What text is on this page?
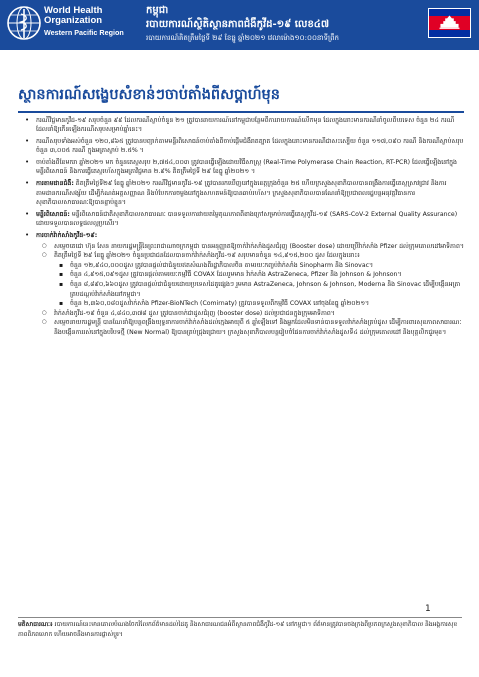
World Health
Organization
Western Pacific Region
កម្ពុជា
របាយការណ៍ស្ថិតិស្ថានភាពជំងឺកូវីដ-១៩ លេខ៤៧
របាយការណ៍គិតត្រឹមថ្ងៃទី ២៩ ខែធ្នូ ឆ្នាំ២០២១ វេលាម៉ោង១០:០០នាទីព្រឹក
ស្ថានការណ៍សង្ខេបសំខាន់ៗចាប់តាំងពីសប្ដាហ៍មុន
• ករណីវិជ្ជមានកូវីដ-១៩ សរុបចំនួន ៩៩ ដែលករណីស្លាប់ចំនួន ២១ ត្រូវបានរាយការណ៍នៅកម្ពុជាបន្ថែមពីការរាយការណ៍លើកមុន ដែលក្នុងនោះមានករណីនាំចូលពីបរទេស ចំនួន ២៤ ករណី ដែលនាំឱ្យកើនឡើងករណីសរុបសម្រាប់ឆ្នាំនេះ។
• ករណីសរុបទាំងអស់ចំនួន ១២០,៨៦៥ ត្រូវបានបញ្ជាក់តាមមន្ទីរពិសោធន៍ចាប់តាំងពីចាប់ផ្តើមជំងឺរាតត្បាត ដែលក្នុងនោះមានករណីជាសះស្បើយ ចំនួន ១១៧,០៩០ ករណី និងករណីស្លាប់សរុបចំនួន ៣,០០៥ ករណី ក្នុងអត្រាស្លាប់ ២.៥% ។
• ចាប់តាំងពីខែមករា ឆ្នាំ២០២១ មក ចំនួនតេស្តសរុប ២,៧៥៤,០០៣ ត្រូវបានធ្វើឡើងដោយវិធីសាស្ត្រ (Real-Time Polymerase Chain Reaction, RT-PCR) ដែលធ្វើឡើងនៅក្នុងមន្ទីរពិសោធន៍ និងការធ្វើតេស្តរហ័សក្នុងអត្រាវិជ្ជមាន ២.៩% គិតត្រឹមថ្ងៃទី ២៩ ខែធ្នូ ឆ្នាំ២០២១ ។
• ការតាមដានជំងឺ: គិតត្រឹមថ្ងៃទី២៩ ខែធ្នូ ឆ្នាំ២០២១ ករណីវិជ្ជមានកូវីដ-១៩ ត្រូវបានរកឃើញនៅក្នុងខេត្តក្រុងចំនួន ២៥ ហើយក្រសួងសុខាភិបាលបានពង្រឹងការធ្វើតេស្តស្រាវជ្រាវ និងការតាមដានករណីសង្ស័យ ដើម្បីកំណត់អត្តសញ្ញាណ និងបំបែកការចម្លងនៅក្នុងសហគមន៍ឱ្យបានឆាប់រហ័ស។ ក្រសួងសុខាភិបាលបានណែនាំឱ្យប្រជាពលរដ្ឋបន្តអនុវត្តវិធានការសុខាភិបាលសាធារណៈឱ្យបានខ្ជាប់ខ្ជួន។
• មន្ទីរពិសោធន៍: មន្ទីរពិសោធន៍ជាតិសុខាភិបាលសាធារណៈ បានទទួលការវាយតម្លៃគុណភាពពីខាងក្រៅសម្រាប់ការធ្វើតេស្តកូវីដ-១៩ (SARS-CoV-2 External Quality Assurance) ដោយទទួលបានលទ្ធផលល្អប្រសើរ។
• ការចាក់វ៉ាក់សាំងកូវីដ-១៩:
○ សម្តេចតេជោ ហ៊ុន សែន នាយករដ្ឋមន្ត្រីនៃព្រះរាជាណាចក្រកម្ពុជា បានអនុញ្ញាតឱ្យចាក់វ៉ាក់សាំងដូសជំរុញ (Booster dose) ដោយប្រើវ៉ាក់សាំង Pfizer ដល់ក្រុមគោលដៅអាទិភាព។
○ គិតត្រឹមថ្ងៃទី ២៩ ខែធ្នូ ឆ្នាំ២០២១ ចំនួនប្រជាជនដែលបានចាក់វ៉ាក់សាំងកូវីដ-១៩ សរុបមានចំនួន ១៤,៩១៥,២០០ ដូស ដែលក្នុងនោះ៖
▪ ចំនួន ១២,៩៤០,០០០ដូស ត្រូវបានផ្តល់ជាជំនួយឥតសំណងពីរដ្ឋាភិបាលចិន តាមរយៈកញ្ចប់វ៉ាក់សាំង Sinopharm និង Sinovac។
▪ ចំនួន ៤,៩១៥,០៩១ដូស ត្រូវបានផ្តល់តាមរយៈកម្មវិធី COVAX ដែលរួមមាន វ៉ាក់សាំង AstraZeneca, Pfizer និង Johnson & Johnson។
▪ ចំនួន ៨,៨៩០,៦៦០ដូស ត្រូវបានផ្តល់ជាជំនួយដោយប្រទេសដៃគូផ្សេងៗ រួមមាន AstraZeneca, Johnson & Johnson, Moderna និង Sinovac ដើម្បីបង្កើនអត្រាគ្របដណ្តប់វ៉ាក់សាំងនៅកម្ពុជា។
▪ ចំនួន ២,៣៦០,០៨០ដូសវ៉ាក់សាំង Pfizer-BioNTech (Comirnaty) ត្រូវបានទទួលពីកម្មវិធី COVAX នៅចុងខែធ្នូ ឆ្នាំ២០២១។
○ វ៉ាក់សាំងកូវីដ-១៩ ចំនួន ៤,៨៤០,៣៧៨ ដូស ត្រូវបានចាក់ជាដូសជំរុញ (booster dose) ដល់ប្រជាជនក្នុងក្រុមអាទិភាព។
○ សម្តេចនាយករដ្ឋមន្ត្រី បានណែនាំឱ្យបន្តពង្រឹងយុទ្ធនាការចាក់វ៉ាក់សាំងដល់ក្មេងអាយុពី ៥ ឆ្នាំឡើងទៅ និងអ្នកដែលមិនទាន់បានទទួលវ៉ាក់សាំងគ្រប់ដូស ដើម្បីការពារសុខភាពសាធារណៈ និងបង្កើនការរស់នៅក្នុងបរិបទថ្មី (New Normal) ឱ្យបានគ្រប់ជ្រុងជ្រោយ។ ក្រសួងសុខាភិបាលបន្តរៀបចំផែនការចាក់វ៉ាក់សាំងដូសទី៤ ដល់ក្រុមគោលដៅ និងបុគ្គលិកជួរមុខ។
1
មតិសាធារណៈ៖ របាយការណ៍នេះមានគោលបំណងចែករំលែកព័ត៌មានដល់ដៃគូ និងសាធារណជនអំពីស្ថានភាពជំងឺកូវីដ-១៩ នៅកម្ពុជា។ ព័ត៌មានត្រូវបានចងក្រងពីប្រភពក្រសួងសុខាភិបាល និងអង្គការសុខភាពពិភពលោក ហើយអាចនឹងមានការផ្លាស់ប្តូរ។
